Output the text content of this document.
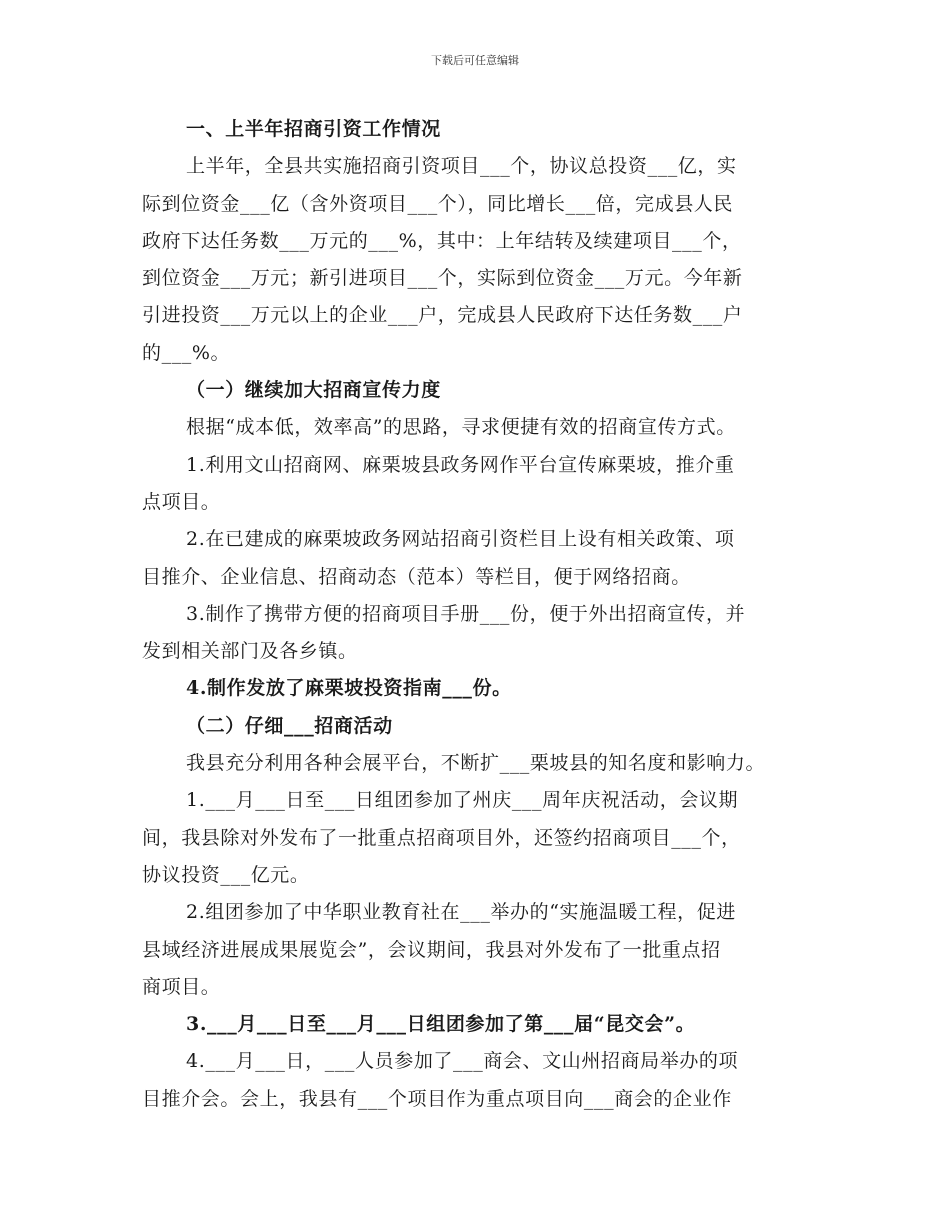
下载后可任意编辑
一、上半年招商引资工作情况
上半年，全县共实施招商引资项目___个，协议总投资___亿，实
际到位资金___亿（含外资项目___个），同比增长___倍，完成县人民
政府下达任务数___万元的___%，其中：上年结转及续建项目___个，
到位资金___万元；新引进项目___个，实际到位资金___万元。今年新
引进投资___万元以上的企业___户，完成县人民政府下达任务数___户
的___%。
（一）继续加大招商宣传力度
根据“成本低，效率高”的思路，寻求便捷有效的招商宣传方式。
1.利用文山招商网、麻栗坡县政务网作平台宣传麻栗坡，推介重
点项目。
2.在已建成的麻栗坡政务网站招商引资栏目上设有相关政策、项
目推介、企业信息、招商动态（范本）等栏目，便于网络招商。
3.制作了携带方便的招商项目手册___份，便于外出招商宣传，并
发到相关部门及各乡镇。
4.制作发放了麻栗坡投资指南___份。
（二）仔细___招商活动
我县充分利用各种会展平台，不断扩___栗坡县的知名度和影响力。
1.___月___日至___日组团参加了州庆___周年庆祝活动，会议期
间，我县除对外发布了一批重点招商项目外，还签约招商项目___个，
协议投资___亿元。
2.组团参加了中华职业教育社在___举办的“实施温暖工程，促进
县域经济进展成果展览会”，会议期间，我县对外发布了一批重点招
商项目。
3.___月___日至___月___日组团参加了第___届“昆交会”。
4.___月___日，___人员参加了___商会、文山州招商局举办的项
目推介会。会上，我县有___个项目作为重点项目向___商会的企业作
